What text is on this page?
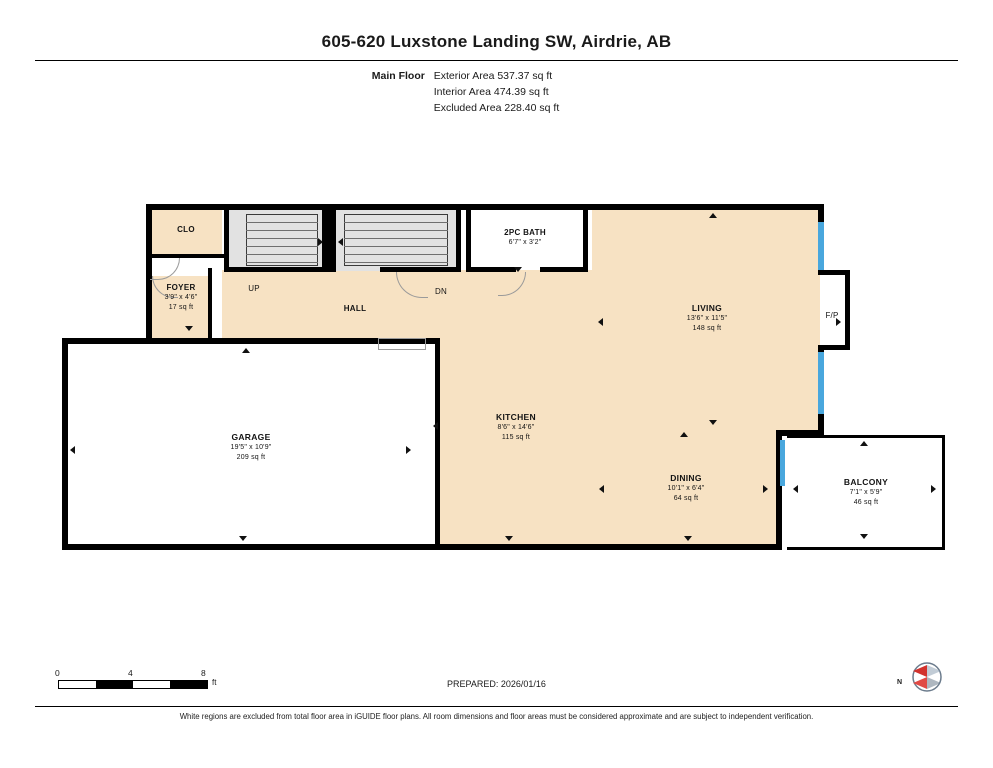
605-620 Luxstone Landing SW, Airdrie, AB
Main Floor Exterior Area 537.37 sq ft
Interior Area 474.39 sq ft
Excluded Area 228.40 sq ft
CLO
FOYER
3'9" x 4'6"
17 sq ft	HALL
2PC BATH
6'7" x 3'2"
LIVING
13'6" x 11'5"
148 sq ft
KITCHEN
8'6" x 14'6"
115 sq ft
DINING
10'1" x 6'4"
64 sq ft
GARAGE
19'5" x 10'9"
209 sq ft
BALCONY
7'1" x 5'9"
46 sq ft
UP	DN
F/P
0	4	8
ft	PREPARED: 2026/01/16	N
White regions are excluded from total floor area in iGUIDE floor plans. All room dimensions and floor areas must be considered approximate and are subject to independent verification.
